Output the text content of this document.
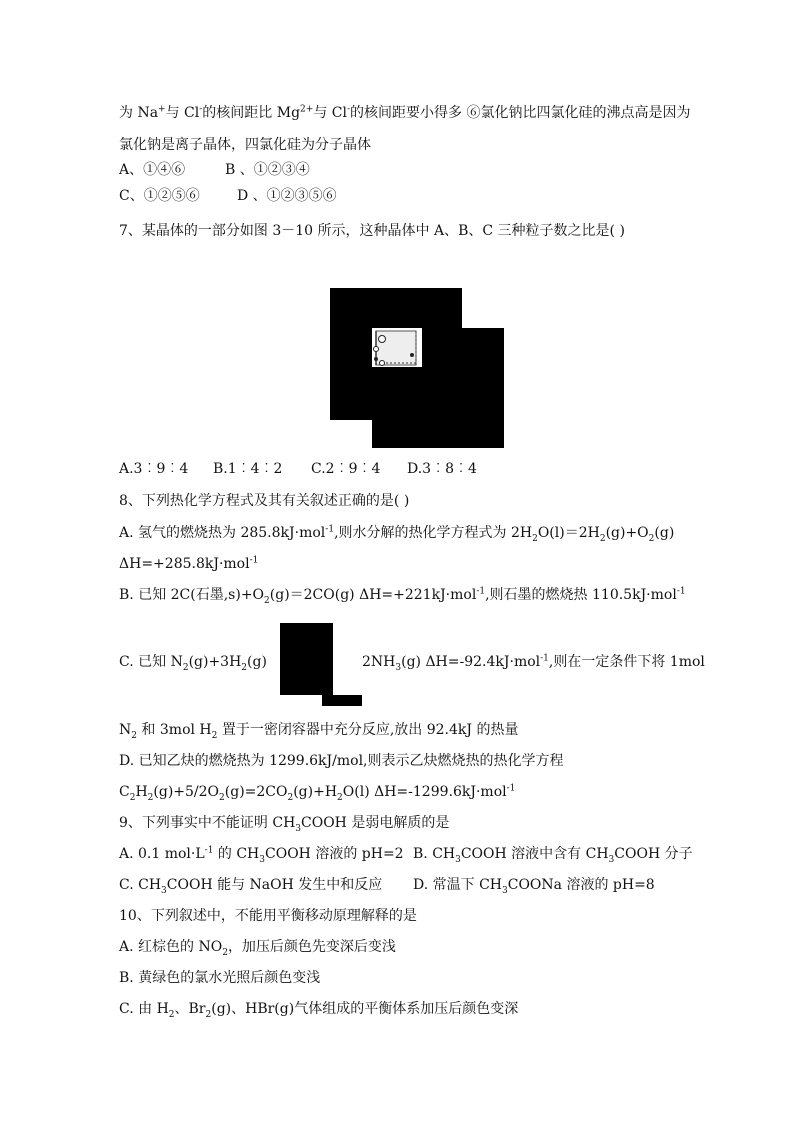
为 Na+与 Cl-的核间距比 $Mg^{2+}$与 Cl-的核间距要小得多 ⑥氯化钠比四氯化硅的沸点高是因为
氯化钠是离子晶体，四氯化硅为分子晶体
A、①④⑥	B 、①②③④
C、①②⑤⑥	D 、①②③⑤⑥
7、某晶体的一部分如图 3－10 所示，这种晶体中 A、B、C 三种粒子数之比是( )
A.3︰9︰4 B.1︰4︰2 C.2︰9︰4 D.3︰8︰4
8、下列热化学方程式及其有关叙述正确的是( )
A. 氢气的燃烧热为 285.8kJ·mol$^{-1}$,则水分解的热化学方程式为 $2H_2O(l)=2H_2(g)+O_2(g)$
ΔH=+285.8kJ·mol$^{-1}$
B. 已知 2C(石墨$,s)+O_2(g)=2CO(g)$ ΔH=+221kJ·mol$^{-1}$,则石墨的燃烧热 110.5kJ·mol$^{-1}$
C. 已知 $N_2(g)+3H_2(g)$	$2NH_3(g)$ ΔH=-92.4kJ·mol$^{-1}$,则在一定条件下将 1mol
$N_2$ 和 3mol $H_2$ 置于一密闭容器中充分反应,放出 92.4kJ 的热量
D. 已知乙炔的燃烧热为 1299.6kJ/mol,则表示乙炔燃烧热的热化学方程
$C_2H_2(g)+5/2O_2(g)=2CO_2(g)+H_2O(l)$ ΔH=-1299.6kJ·mol$^{-1}$
9、下列事实中不能证明 $CH_3COOH$ 是弱电解质的是
A. 0.1 $mol\cdot L^{-1}$ 的 $CH_3COOH$ 溶液的 pH=2 B. $CH_3COOH$ 溶液中含有 $CH_3COOH$ 分子
C. $CH_3COOH$ 能与 NaOH 发生中和反应 D. 常温下 $CH_3COONa$ 溶液的 pH=8
10、下列叙述中，不能用平衡移动原理解释的是
A. 红棕色的 $NO_2$，加压后颜色先变深后变浅
B. 黄绿色的氯水光照后颜色变浅
C. 由 $H_2$、$Br_2(g)$、HBr(g)气体组成的平衡体系加压后颜色变深
